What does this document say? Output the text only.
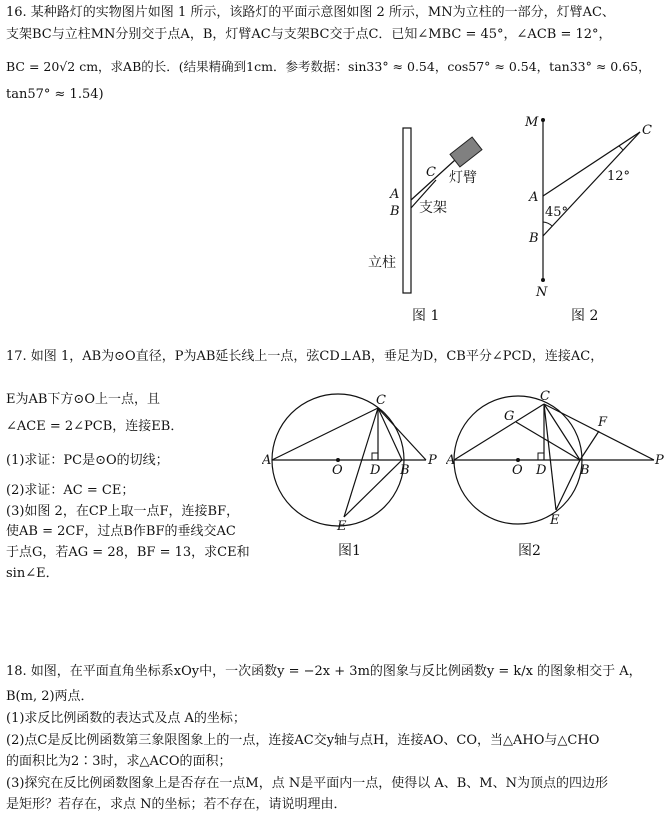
16. 某种路灯的实物图片如图 1 所示，该路灯的平面示意图如图 2 所示，MN为立柱的一部分，灯臂AC、
支架BC与立柱MN分别交于点A，B，灯臂AC与支架BC交于点C．已知∠MBC = 45°，∠ACB = 12°，
BC = 20√2 cm，求AB的长．(结果精确到1cm．参考数据：sin33° ≈ 0.54，cos57° ≈ 0.54，tan33° ≈ 0.65，
tan57° ≈ 1.54)
C
A
B
灯臂
支架
立柱
图 1
M
C
12°
A
45°
B
N
图 2
17. 如图 1，AB为⊙O直径，P为AB延长线上一点，弦CD⊥AB，垂足为D，CB平分∠PCD，连接AC，
E为AB下方⊙O上一点，且
∠ACE = 2∠PCB，连接EB．
(1)求证：PC是⊙O的切线；
(2)求证：AC = CE；
(3)如图 2，在CP上取一点F，连接BF，
使AB = 2CF，过点B作BF的垂线交AC
于点G，若AG = 28，BF = 13，求CE和
sin∠E．
C
A
O D B
P
E
图1
C
G	F
A
O D	B
P
E
图2
18. 如图，在平面直角坐标系xOy中，一次函数y = −2x + 3m的图象与反比例函数y = k/x 的图象相交于 A，
B(m, 2)两点．
(1)求反比例函数的表达式及点 A的坐标；
(2)点C是反比例函数第三象限图象上的一点，连接AC交y轴与点H，连接AO、CO，当△AHO与△CHO
的面积比为2∶3时，求△ACO的面积；
(3)探究在反比例函数图象上是否存在一点M，点 N是平面内一点，使得以 A、B、M、N为顶点的四边形
是矩形？若存在，求点 N的坐标；若不存在，请说明理由．
